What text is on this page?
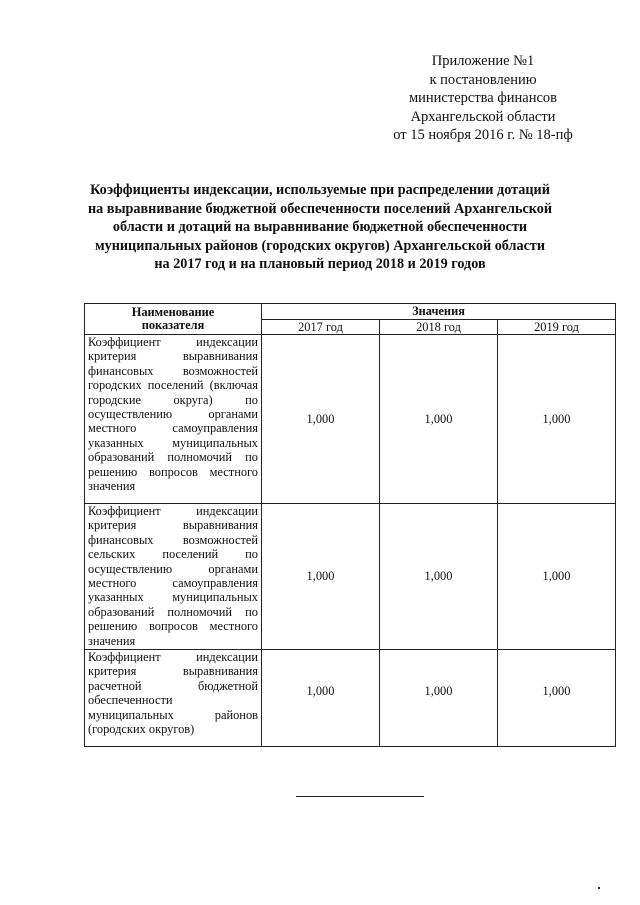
Приложение №1
к постановлению
министерства финансов
Архангельской области
от 15 ноября 2016 г. № 18-пф
Коэффициенты индексации, используемые при распределении дотаций
на выравнивание бюджетной обеспеченности поселений Архангельской
области и дотаций на выравнивание бюджетной обеспеченности
муниципальных районов (городских округов) Архангельской области
на 2017 год и на плановый период 2018 и 2019 годов
Наименование
показателя	Значения		
	2017 год	2018 год	2019 год
Коэффициент индексации критерия выравнивания финансовых возможностей городских поселений (включая городские округа) по осуществлению органами местного самоуправления указанных муниципальных образований полномочий по решению вопросов местного значения	1,000	1,000	1,000
Коэффициент индексации критерия выравнивания финансовых возможностей сельских поселений по осуществлению органами местного самоуправления указанных муниципальных образований полномочий по решению вопросов местного значения	1,000	1,000	1,000
Коэффициент индексации критерия выравнивания расчетной бюджетной обеспеченности муниципальных районов (городских округов)	1,000	1,000	1,000
